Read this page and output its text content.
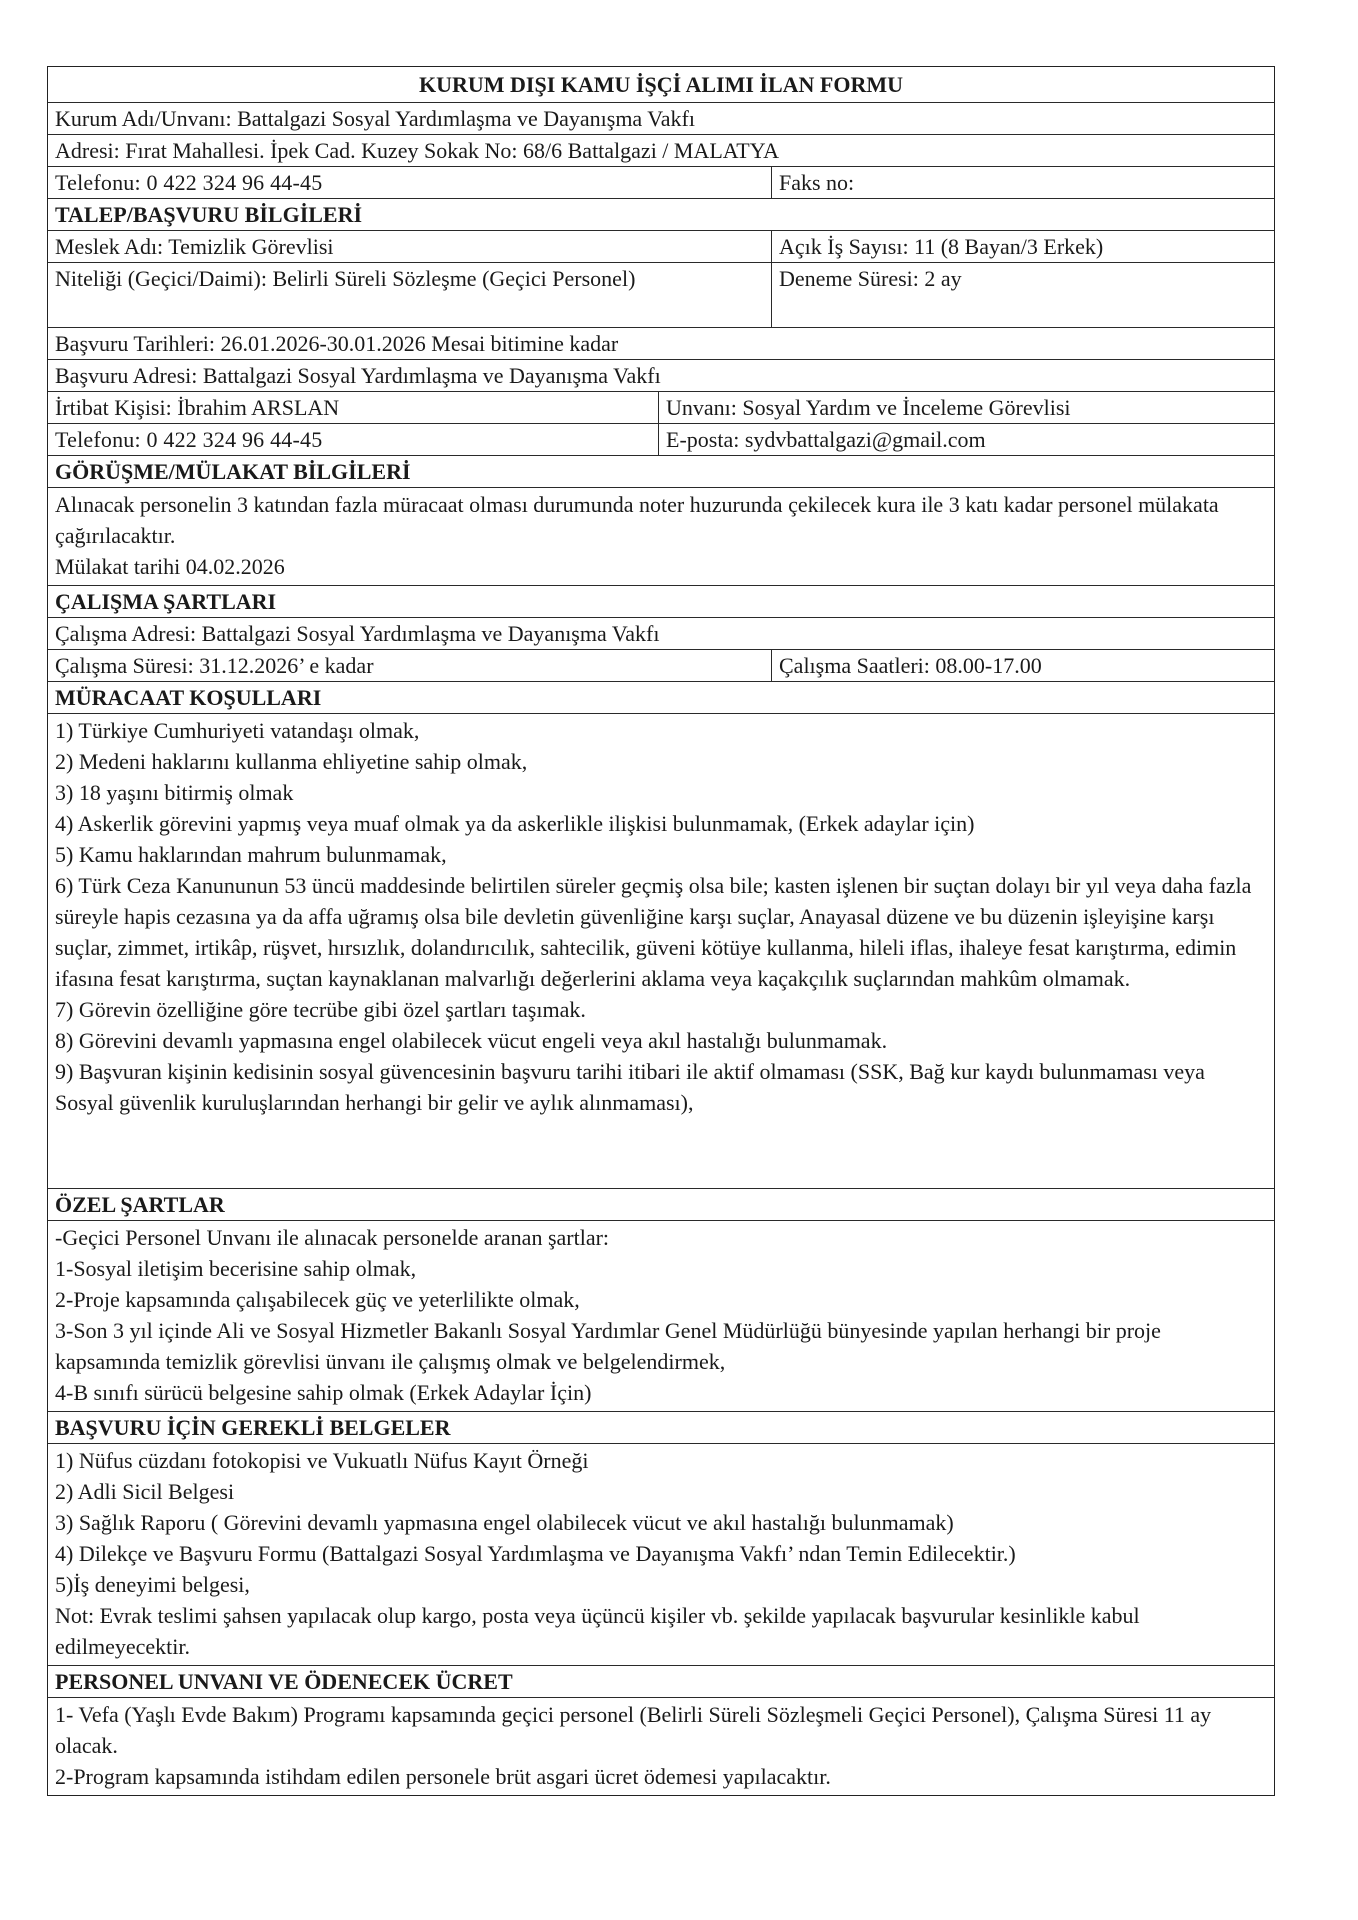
KURUM DIŞI KAMU İŞÇİ ALIMI İLAN FORMU
Kurum Adı/Unvanı: Battalgazi Sosyal Yardımlaşma ve Dayanışma Vakfı
Adresi: Fırat Mahallesi. İpek Cad. Kuzey Sokak No: 68/6 Battalgazi / MALATYA
Telefonu: 0 422 324 96 44-45	Faks no:
TALEP/BAŞVURU BİLGİLERİ
Meslek Adı: Temizlik Görevlisi	Açık İş Sayısı: 11 (8 Bayan/3 Erkek)
Niteliği (Geçici/Daimi): Belirli Süreli Sözleşme (Geçici Personel)	Deneme Süresi: 2 ay
Başvuru Tarihleri: 26.01.2026-30.01.2026 Mesai bitimine kadar
Başvuru Adresi: Battalgazi Sosyal Yardımlaşma ve Dayanışma Vakfı
İrtibat Kişisi: İbrahim ARSLAN	Unvanı: Sosyal Yardım ve İnceleme Görevlisi
Telefonu: 0 422 324 96 44-45	E-posta: sydvbattalgazi@gmail.com
GÖRÜŞME/MÜLAKAT BİLGİLERİ

Alınacak personelin 3 katından fazla müracaat olması durumunda noter huzurunda çekilecek kura ile 3 katı kadar personel mülakata çağırılacaktır.

Mülakat tarihi 04.02.2026

ÇALIŞMA ŞARTLARI
Çalışma Adresi: Battalgazi Sosyal Yardımlaşma ve Dayanışma Vakfı
Çalışma Süresi: 31.12.2026’ e kadar	Çalışma Saatleri: 08.00-17.00
MÜRACAAT KOŞULLARI

1) Türkiye Cumhuriyeti vatandaşı olmak,

2) Medeni haklarını kullanma ehliyetine sahip olmak,

3) 18 yaşını bitirmiş olmak

4) Askerlik görevini yapmış veya muaf olmak ya da askerlikle ilişkisi bulunmamak, (Erkek adaylar için)

5) Kamu haklarından mahrum bulunmamak,

6) Türk Ceza Kanununun 53 üncü maddesinde belirtilen süreler geçmiş olsa bile; kasten işlenen bir suçtan dolayı bir yıl veya daha fazla süreyle hapis cezasına ya da affa uğramış olsa bile devletin güvenliğine karşı suçlar, Anayasal düzene ve bu düzenin işleyişine karşı suçlar, zimmet, irtikâp, rüşvet, hırsızlık, dolandırıcılık, sahtecilik, güveni kötüye kullanma, hileli iflas, ihaleye fesat karıştırma, edimin ifasına fesat karıştırma, suçtan kaynaklanan malvarlığı değerlerini aklama veya kaçakçılık suçlarından mahkûm olmamak.

7) Görevin özelliğine göre tecrübe gibi özel şartları taşımak.

8) Görevini devamlı yapmasına engel olabilecek vücut engeli veya akıl hastalığı bulunmamak.

9) Başvuran kişinin kedisinin sosyal güvencesinin başvuru tarihi itibari ile aktif olmaması (SSK, Bağ kur kaydı bulunmaması veya Sosyal güvenlik kuruluşlarından herhangi bir gelir ve aylık alınmaması),

ÖZEL ŞARTLAR

-Geçici Personel Unvanı ile alınacak personelde aranan şartlar:

1-Sosyal iletişim becerisine sahip olmak,

2-Proje kapsamında çalışabilecek güç ve yeterlilikte olmak,

3-Son 3 yıl içinde Ali ve Sosyal Hizmetler Bakanlı Sosyal Yardımlar Genel Müdürlüğü bünyesinde yapılan herhangi bir proje kapsamında temizlik görevlisi ünvanı ile çalışmış olmak ve belgelendirmek,

4-B sınıfı sürücü belgesine sahip olmak (Erkek Adaylar İçin)

BAŞVURU İÇİN GEREKLİ BELGELER

1) Nüfus cüzdanı fotokopisi ve Vukuatlı Nüfus Kayıt Örneği

2) Adli Sicil Belgesi

3) Sağlık Raporu ( Görevini devamlı yapmasına engel olabilecek vücut ve akıl hastalığı bulunmamak)

4) Dilekçe ve Başvuru Formu (Battalgazi Sosyal Yardımlaşma ve Dayanışma Vakfı’ ndan Temin Edilecektir.)

5)İş deneyimi belgesi,

Not: Evrak teslimi şahsen yapılacak olup kargo, posta veya üçüncü kişiler vb. şekilde yapılacak başvurular kesinlikle kabul edilmeyecektir.

PERSONEL UNVANI VE ÖDENECEK ÜCRET

1- Vefa (Yaşlı Evde Bakım) Programı kapsamında geçici personel (Belirli Süreli Sözleşmeli Geçici Personel), Çalışma Süresi 11 ay olacak.

2-Program kapsamında istihdam edilen personele brüt asgari ücret ödemesi yapılacaktır.
